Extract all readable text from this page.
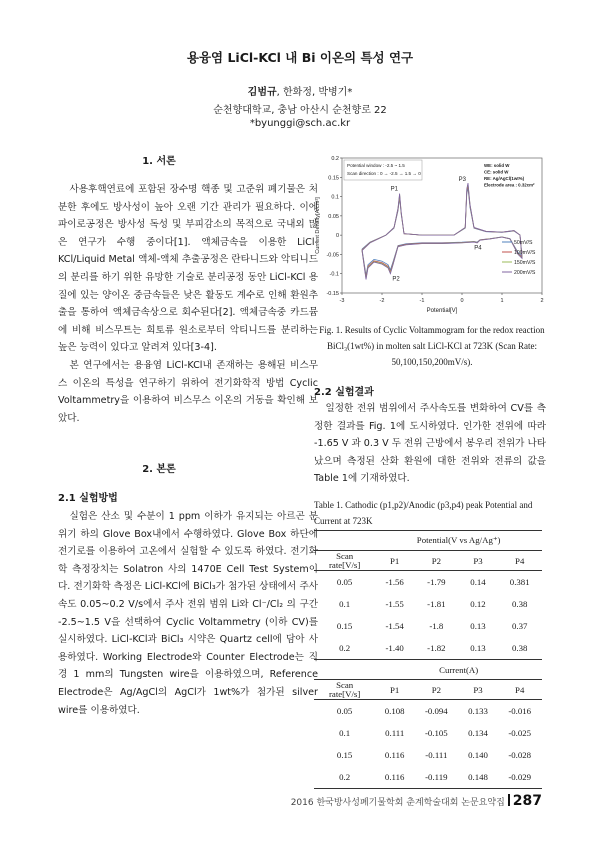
용융염 LiCl-KCl 내 Bi 이온의 특성 연구
김범규, 한화정, 박병기*
순천향대학교, 충남 아산시 순천향로 22
*byunggi@sch.ac.kr
1. 서론

사용후핵연료에 포함된 장수명 핵종 및 고준위 폐기물은 처분한 후에도 방사성이 높아 오랜 기간 관리가 필요하다. 이에 파이로공정은 방사성 독성 및 부피감소의 목적으로 국내외 많은 연구가 수행 중이다[1]. 액체금속을 이용한 LiCl-KCl/Liquid Metal 액체-액체 추출공정은 란타니드와 악티니드의 분리를 하기 위한 유망한 기술로 분리공정 동안 LiCl-KCl 용질에 있는 양이온 중금속들은 낮은 활동도 계수로 인해 환원추출을 통하여 액체금속상으로 회수된다[2]. 액체금속중 카드뮴에 비해 비스무트는 희토류 원소로부터 악티니드를 분리하는 높은 능력이 있다고 알려져 있다[3-4].

본 연구에서는 용융염 LiCl-KCl내 존재하는 용해된 비스무스 이온의 특성을 연구하기 위하여 전기화학적 방법 Cyclic Voltammetry을 이용하여 비스무스 이온의 거동을 확인해 보았다.

2. 본론
2.1 실험방법

실험은 산소 및 수분이 1 ppm 이하가 유지되는 아르곤 분위기 하의 Glove Box내에서 수행하였다. Glove Box 하단에 전기로를 이용하여 고온에서 실험할 수 있도록 하였다. 전기화학 측정장치는 Solatron 사의 1470E Cell Test System이다. 전기화학 측정은 LiCl-KCl에 BiCl₃가 첨가된 상태에서 주사속도 0.05~0.2 V/s에서 주사 전위 범위 Li와 Cl⁻/Cl₂ 의 구간 -2.5~1.5 V을 선택하여 Cyclic Voltammetry (이하 CV)를 실시하였다. LiCl-KCl과 BiCl₃ 시약은 Quartz cell에 담아 사용하였다. Working Electrode와 Counter Electrode는 직경 1 mm의 Tungsten wire을 이용하였으며, Reference Electrode은 Ag/AgCl의 AgCl가 1wt%가 첨가된 silver wire를 이용하였다.

-3	-2	-1	0	1	2
-0.15
-0.1
-0.05
0
0.05
0.1
0.15
0.2
Potential[V]
Current Density[A/cm²]
P1
P2
P3
P4
Potential window : -2.5 ~ 1.5
Scan direction : 0 → -2.5 → 1.5 → 0
WE: solid W
CE: solid W
RE: Ag/AgCl(1wt%)
Electrode area : 0.32cm²
50mV/S
100mV/S
150mV/S
200mV/S
Fig. 1. Results of Cyclic Voltammogram for the redox reaction BiCl₃(1wt%) in molten salt LiCl-KCl at 723K (Scan Rate: 50,100,150,200mV/s).
2.2 실험결과

일정한 전위 범위에서 주사속도를 변화하여 CV를 측정한 결과를 Fig. 1에 도시하였다. 인가한 전위에 따라 -1.65 V 과 0.3 V 두 전위 근방에서 봉우리 전위가 나타났으며 측정된 산화 환원에 대한 전위와 전류의 값을 Table 1에 기재하였다.

Table 1. Cathodic (p1,p2)/Anodic (p3,p4) peak Potential and Current at 723K
	Potential(V vs Ag/Ag⁺)			

Scan
rate[V/s]	P1	P2	P3	P4
0.05	-1.56	-1.79	0.14	0.381
0.1	-1.55	-1.81	0.12	0.38
0.15	-1.54	-1.8	0.13	0.37
0.2	-1.40	-1.82	0.13	0.38
	Current(A)			

Scan
rate[V/s]	P1	P2	P3	P4
0.05	0.108	-0.094	0.133	-0.016
0.1	0.111	-0.105	0.134	-0.025
0.15	0.116	-0.111	0.140	-0.028
0.2	0.116	-0.119	0.148	-0.029
2016 한국방사성폐기물학회 춘계학술대회 논문요약집 287
